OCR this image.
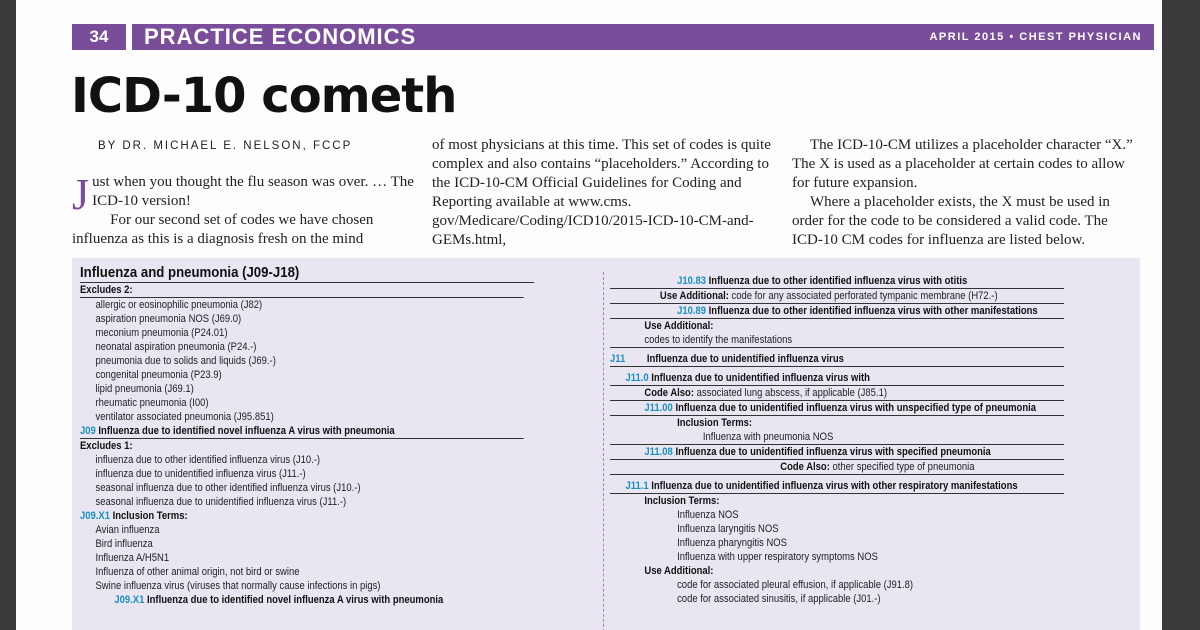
34	PRACTICE ECONOMICS	APRIL 2015 • CHEST PHYSICIAN
ICD-10 cometh
BY DR. MICHAEL E. NELSON, FCCP
J ust when you thought the flu season was over. … The ICD-10 version!

For our second set of codes we have chosen influenza as this is a diagnosis fresh on the mind

of most physicians at this time. This set of codes is quite complex and also contains “placeholders.” According to the ICD-10-CM Official Guidelines for Coding and Reporting available at www.cms. gov/Medicare/Coding/ICD10/2015-ICD-10-CM-and-GEMs.html,

The ICD-10-CM utilizes a placeholder character “X.” The X is used as a placeholder at certain codes to allow for future expansion.

Where a placeholder exists, the X must be used in order for the code to be considered a valid code. The ICD-10 CM codes for influenza are listed below.

Influenza and pneumonia (J09-J18)
Excludes 2:
allergic or eosinophilic pneumonia (J82)
aspiration pneumonia NOS (J69.0)
meconium pneumonia (P24.01)
neonatal aspiration pneumonia (P24.-)
pneumonia due to solids and liquids (J69.-)
congenital pneumonia (P23.9)
lipid pneumonia (J69.1)
rheumatic pneumonia (I00)
ventilator associated pneumonia (J95.851)
J09 Influenza due to identified novel influenza A virus with pneumonia
Excludes 1:
influenza due to other identified influenza virus (J10.-)
influenza due to unidentified influenza virus (J11.-)
seasonal influenza due to other identified influenza virus (J10.-)
seasonal influenza due to unidentified influenza virus (J11.-)
J09.X1 Inclusion Terms:
Avian influenza
Bird influenza
Influenza A/H5N1
Influenza of other animal origin, not bird or swine
Swine influenza virus (viruses that normally cause infections in pigs)
J09.X1 Influenza due to identified novel influenza A virus with pneumonia
J10.83 Influenza due to other identified influenza virus with otitis
Use Additional: code for any associated perforated tympanic membrane (H72.-)
J10.89 Influenza due to other identified influenza virus with other manifestations
Use Additional:
codes to identify the manifestations
J11 Influenza due to unidentified influenza virus
J11.0 Influenza due to unidentified influenza virus with
Code Also: associated lung abscess, if applicable (J85.1)
J11.00 Influenza due to unidentified influenza virus with unspecified type of pneumonia
Inclusion Terms:
Influenza with pneumonia NOS
J11.08 Influenza due to unidentified influenza virus with specified pneumonia
Code Also: other specified type of pneumonia
J11.1 Influenza due to unidentified influenza virus with other respiratory manifestations
Inclusion Terms:
Influenza NOS
Influenza laryngitis NOS
Influenza pharyngitis NOS
Influenza with upper respiratory symptoms NOS
Use Additional:
code for associated pleural effusion, if applicable (J91.8)
code for associated sinusitis, if applicable (J01.-)
